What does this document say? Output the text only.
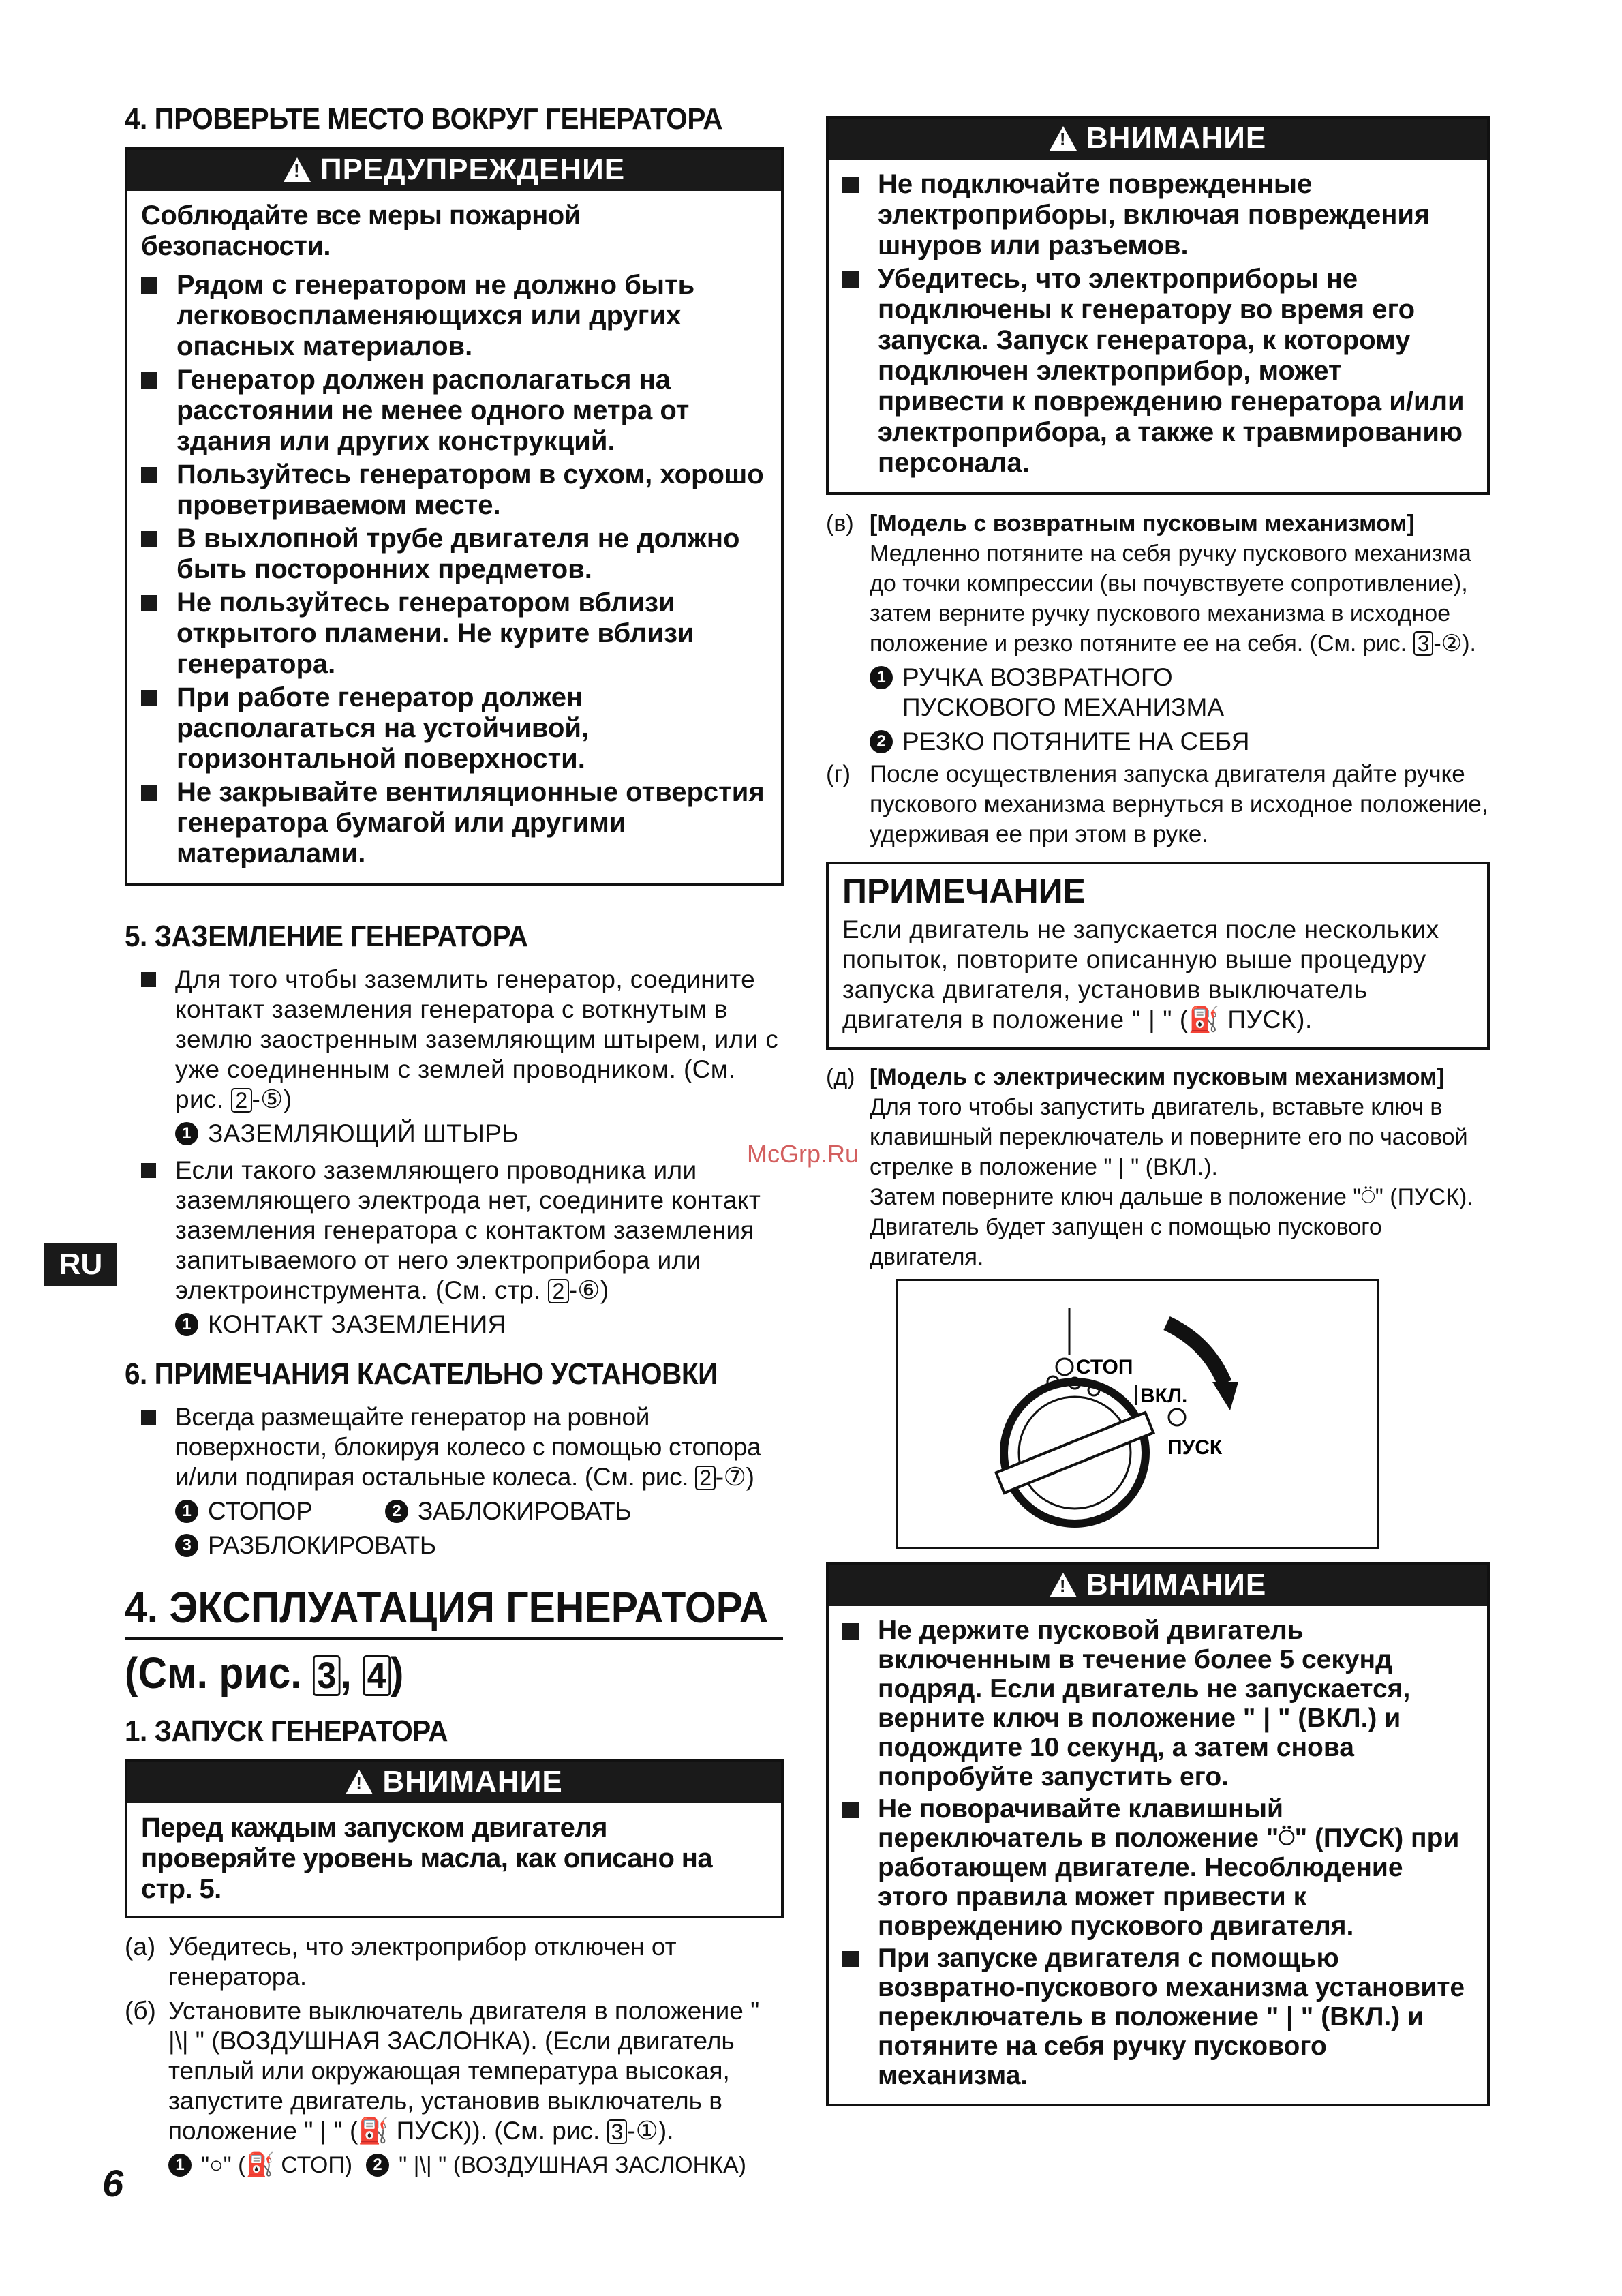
4. ПРОВЕРЬТЕ МЕСТО ВОКРУГ ГЕНЕРАТОРА
! ПРЕДУПРЕЖДЕНИЕ
Соблюдайте все меры пожарной безопасности.
Рядом с генератором не должно быть легковоспламеняющихся или других опасных материалов.
Генератор должен располагаться на расстоянии не менее одного метра от здания или других конструкций.
Пользуйтесь генератором в сухом, хорошо проветриваемом месте.
В выхлопной трубе двигателя не должно быть посторонних предметов.
Не пользуйтесь генератором вблизи открытого пламени. Не курите вблизи генератора.
При работе генератор должен располагаться на устойчивой, горизонтальной поверхности.
Не закрывайте вентиляционные отверстия генератора бумагой или другими материалами.
5. ЗАЗЕМЛЕНИЕ ГЕНЕРАТОРА
Для того чтобы заземлить генератор, соедините контакт заземления генератора с воткнутым в землю заостренным заземляющим штырем, или с уже соединенным с землей проводником. (См. рис. 2 -⑤)
1 ЗАЗЕМЛЯЮЩИЙ ШТЫРЬ
Если такого заземляющего проводника или заземляющего электрода нет, соедините контакт заземления генератора с контактом заземления запитываемого от него электроприбора или электроинструмента. (См. стр. 2 -⑥)
1 КОНТАКТ ЗАЗЕМЛЕНИЯ
6. ПРИМЕЧАНИЯ КАСАТЕЛЬНО УСТАНОВКИ
Всегда размещайте генератор на ровной поверхности, блокируя колесо с помощью стопора и/или подпирая остальные колеса. (См. рис. 2 -⑦)
1 СТОПОР	2 ЗАБЛОКИРОВАТЬ
3 РАЗБЛОКИРОВАТЬ
4. ЭКСПЛУАТАЦИЯ ГЕНЕРАТОРА
(См. рис. 3 , 4 )
1. ЗАПУСК ГЕНЕРАТОРА
! ВНИМАНИЕ
Перед каждым запуском двигателя проверяйте уровень масла, как описано на стр. 5.
(а) Убедитесь, что электроприбор отключен от генератора.
(б) Установите выключатель двигателя в положение " |\| " (ВОЗДУШНАЯ ЗАСЛОНКА). (Если двигатель теплый или окружающая температура высокая, запустите двигатель, установив выключатель в положение " | " (⛽ ПУСК)). (См. рис. 3 -①).
1 "○" (⛽ СТОП)	2 " |\| " (ВОЗДУШНАЯ ЗАСЛОНКА)
! ВНИМАНИЕ
Не подключайте поврежденные электроприборы, включая повреждения шнуров или разъемов.
Убедитесь, что электроприборы не подключены к генератору во время его запуска. Запуск генератора, к которому подключен электроприбор, может привести к повреждению генератора и/или электроприбора, а также к травмированию персонала.
(в) [Модель с возвратным пусковым механизмом]
Медленно потяните на себя ручку пускового механизма до точки компрессии (вы почувствуете сопротивление), затем верните ручку пускового механизма в исходное положение и резко потяните ее на себя. (См. рис. 3 -②).
1 РУЧКА ВОЗВРАТНОГО ПУСКОВОГО МЕХАНИЗМА
2 РЕЗКО ПОТЯНИТЕ НА СЕБЯ
(г) После осуществления запуска двигателя дайте ручке пускового механизма вернуться в исходное положение, удерживая ее при этом в руке.
ПРИМЕЧАНИЕ
Если двигатель не запускается после нескольких попыток, повторите описанную выше процедуру запуска двигателя, установив выключатель двигателя в положение " | " (⛽ ПУСК).
(д) [Модель с электрическим пусковым механизмом]
Для того чтобы запустить двигатель, вставьте ключ в клавишный переключатель и поверните его по часовой стрелке в положение " | " (ВКЛ.).
Затем поверните ключ дальше в положение "⍥" (ПУСК). Двигатель будет запущен с помощью пускового двигателя.
СТОП
ВКЛ.
ПУСК
! ВНИМАНИЕ
Не держите пусковой двигатель включенным в течение более 5 секунд подряд. Если двигатель не запускается, верните ключ в положение " | " (ВКЛ.) и подождите 10 секунд, а затем снова попробуйте запустить его.
Не поворачивайте клавишный переключатель в положение "⍥" (ПУСК) при работающем двигателе. Несоблюдение этого правила может привести к повреждению пускового двигателя.
При запуске двигателя с помощью возвратно-пускового механизма установите переключатель в положение " | " (ВКЛ.) и потяните на себя ручку пускового механизма.
RU
McGrp.Ru
6
